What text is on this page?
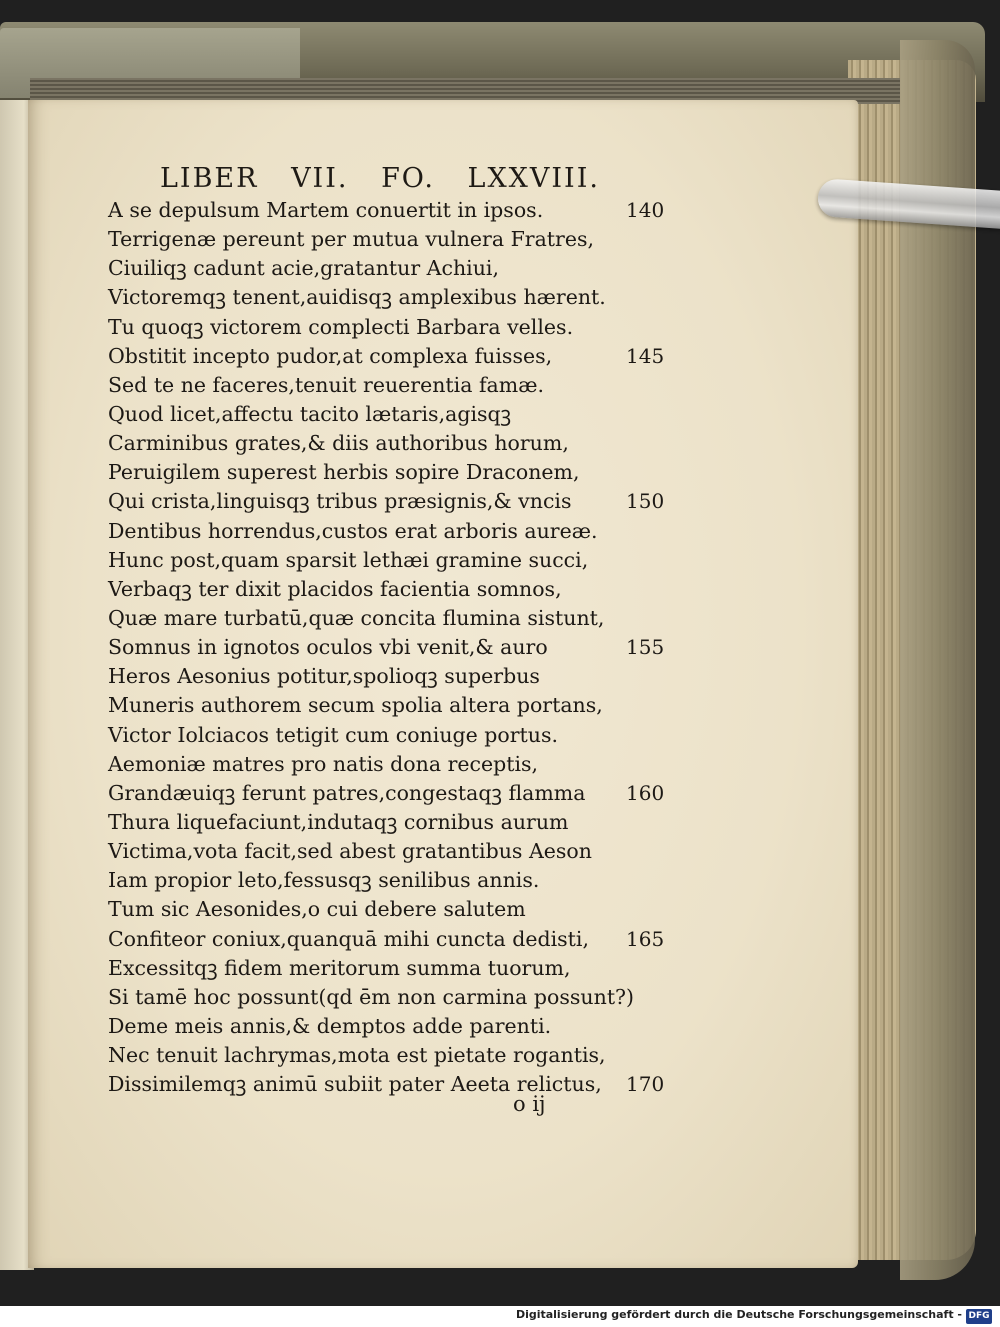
LIBER VII. FO. LXXVIII.
A se depulsum Martem conuertit in ipsos.	140
Terrigenæ pereunt per mutua vulnera Fratres,
Ciuiliqꝫ cadunt acie,gratantur Achiui,
Victoremqꝫ tenent,auidisqꝫ amplexibus hærent.
Tu quoqꝫ victorem complecti Barbara velles.
Obstitit incepto pudor,at complexa fuisses,	145
Sed te ne faceres,tenuit reuerentia famæ.
Quod licet,affectu tacito lætaris,agisqꝫ
Carminibus grates,& diis authoribus horum,
Peruigilem superest herbis sopire Draconem,
Qui crista,linguisqꝫ tribus præsignis,& vncis	150
Dentibus horrendus,custos erat arboris aureæ.
Hunc post,quam sparsit lethæi gramine succi,
Verbaqꝫ ter dixit placidos facientia somnos,
Quæ mare turbatū,quæ concita flumina sistunt,
Somnus in ignotos oculos vbi venit,& auro	155
Heros Aesonius potitur,spolioqꝫ superbus
Muneris authorem secum spolia altera portans,
Victor Iolciacos tetigit cum coniuge portus.
Aemoniæ matres pro natis dona receptis,
Grandæuiqꝫ ferunt patres,congestaqꝫ flamma 160
Thura liquefaciunt,indutaqꝫ cornibus aurum
Victima,vota facit,sed abest gratantibus Aeson
Iam propior leto,fessusqꝫ senilibus annis.
Tum sic Aesonides,o cui debere salutem
Confiteor coniux,quanquā mihi cuncta dedisti, 165
Excessitqꝫ fidem meritorum summa tuorum,
Si tamē hoc possunt(qd ēm non carmina possunt?)
Deme meis annis,& demptos adde parenti.
Nec tenuit lachrymas,mota est pietate rogantis,
Dissimilemqꝫ animū subiit pater Aeeta relictus, 170
o ij
Digitalisierung gefördert durch die Deutsche Forschungsgemeinschaft - DFG
